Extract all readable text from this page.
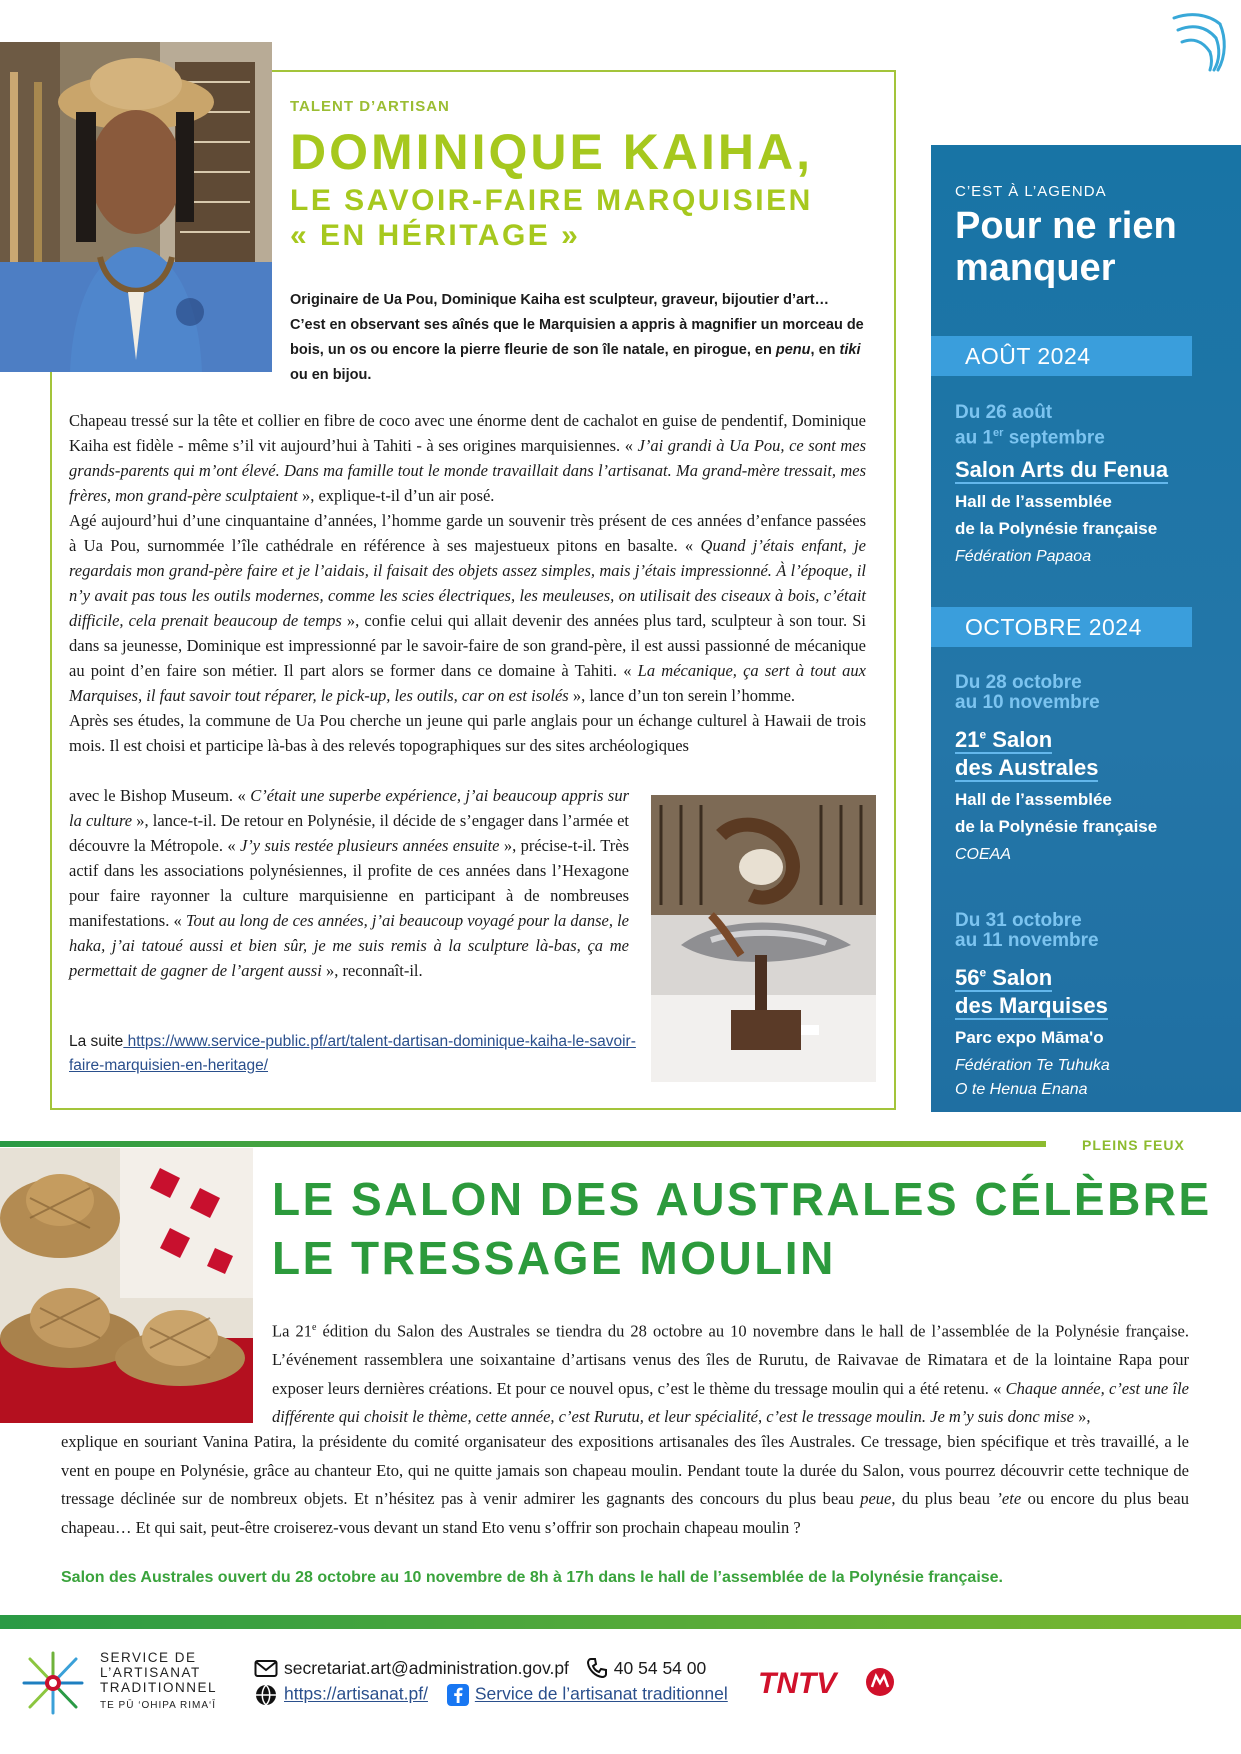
TALENT D’ARTISAN
DOMINIQUE KAIHA,
LE SAVOIR-FAIRE MARQUISIEN
« EN HÉRITAGE »
Originaire de Ua Pou, Dominique Kaiha est sculpteur, graveur, bijoutier d’art… C’est en observant ses aînés que le Marquisien a appris à magnifier un morceau de bois, un os ou encore la pierre fleurie de son île natale, en pirogue, en penu, en tiki ou en bijou.

Chapeau tressé sur la tête et collier en fibre de coco avec une énorme dent de cachalot en guise de pendentif, Dominique Kaiha est fidèle - même s’il vit aujourd’hui à Tahiti - à ses origines marquisiennes. « J’ai grandi à Ua Pou, ce sont mes grands-parents qui m’ont élevé. Dans ma famille tout le monde travaillait dans l’artisanat. Ma grand-mère tressait, mes frères, mon grand-père sculptaient », explique-t-il d’un air posé.

Agé aujourd’hui d’une cinquantaine d’années, l’homme garde un souvenir très présent de ces années d’enfance passées à Ua Pou, surnommée l’île cathédrale en référence à ses majestueux pitons en basalte. « Quand j’étais enfant, je regardais mon grand-père faire et je l’aidais, il faisait des objets assez simples, mais j’étais impressionné. À l’époque, il n’y avait pas tous les outils modernes, comme les scies électriques, les meuleuses, on utilisait des ciseaux à bois, c’était difficile, cela prenait beaucoup de temps », confie celui qui allait devenir des années plus tard, sculpteur à son tour. Si dans sa jeunesse, Dominique est impressionné par le savoir-faire de son grand-père, il est aussi passionné de mécanique au point d’en faire son métier. Il part alors se former dans ce domaine à Tahiti. « La mécanique, ça sert à tout aux Marquises, il faut savoir tout réparer, le pick-up, les outils, car on est isolés », lance d’un ton serein l’homme.

Après ses études, la commune de Ua Pou cherche un jeune qui parle anglais pour un échange culturel à Hawaii de trois mois. Il est choisi et participe là-bas à des relevés topographiques sur des sites archéologiques

avec le Bishop Museum. « C’était une superbe expérience, j’ai beaucoup appris sur la culture », lance-t-il. De retour en Polynésie, il décide de s’engager dans l’armée et découvre la Métropole. « J’y suis restée plusieurs années ensuite », précise-t-il. Très actif dans les associations polynésiennes, il profite de ces années dans l’Hexagone pour faire rayonner la culture marquisienne en participant à de nombreuses manifestations. « Tout au long de ces années, j’ai beaucoup voyagé pour la danse, le haka, j’ai tatoué aussi et bien sûr, je me suis remis à la sculpture là-bas, ça me permettait de gagner de l’argent aussi », reconnaît-il.
La suite https://www.service-public.pf/art/talent-dartisan-dominique-kaiha-le-savoir-faire-marquisien-en-heritage/
C’EST À L’AGENDA
Pour ne rien manquer
AOÛT 2024
Du 26 août
au 1er septembre
Salon Arts du Fenua
Hall de l’assemblée
de la Polynésie française
Fédération Papaoa
OCTOBRE 2024
Du 28 octobre
au 10 novembre
21e Salon
des Australes
Hall de l’assemblée
de la Polynésie française
COEAA
Du 31 octobre
au 11 novembre
56e Salon
des Marquises
Parc expo Māma'o
Fédération Te Tuhuka
O te Henua Enana
PLEINS FEUX
LE SALON DES AUSTRALES CÉLÈBRE
LE TRESSAGE MOULIN
La 21e édition du Salon des Australes se tiendra du 28 octobre au 10 novembre dans le hall de l’assemblée de la Polynésie française. L’événement rassemblera une soixantaine d’artisans venus des îles de Rurutu, de Raivavae de Rimatara et de la lointaine Rapa pour exposer leurs dernières créations. Et pour ce nouvel opus, c’est le thème du tressage moulin qui a été retenu. « Chaque année, c’est une île différente qui choisit le thème, cette année, c’est Rurutu, et leur spécialité, c’est le tressage moulin. Je m’y suis donc mise »,
explique en souriant Vanina Patira, la présidente du comité organisateur des expositions artisanales des îles Australes. Ce tressage, bien spécifique et très travaillé, a le vent en poupe en Polynésie, grâce au chanteur Eto, qui ne quitte jamais son chapeau moulin. Pendant toute la durée du Salon, vous pourrez découvrir cette technique de tressage déclinée sur de nombreux objets. Et n’hésitez pas à venir admirer les gagnants des concours du plus beau peue, du plus beau ’ete ou encore du plus beau chapeau… Et qui sait, peut-être croiserez-vous devant un stand Eto venu s’offrir son prochain chapeau moulin ?
Salon des Australes ouvert du 28 octobre au 10 novembre de 8h à 17h dans le hall de l’assemblée de la Polynésie française.
SERVICE DE
L’ARTISANAT
TRADITIONNEL
TE PŪ ‘OHIPA RIMA‘Ī
secretariat.art@administration.gov.pf	40 54 54 00
https://artisanat.pf/	Service de l’artisanat traditionnel TNTV
